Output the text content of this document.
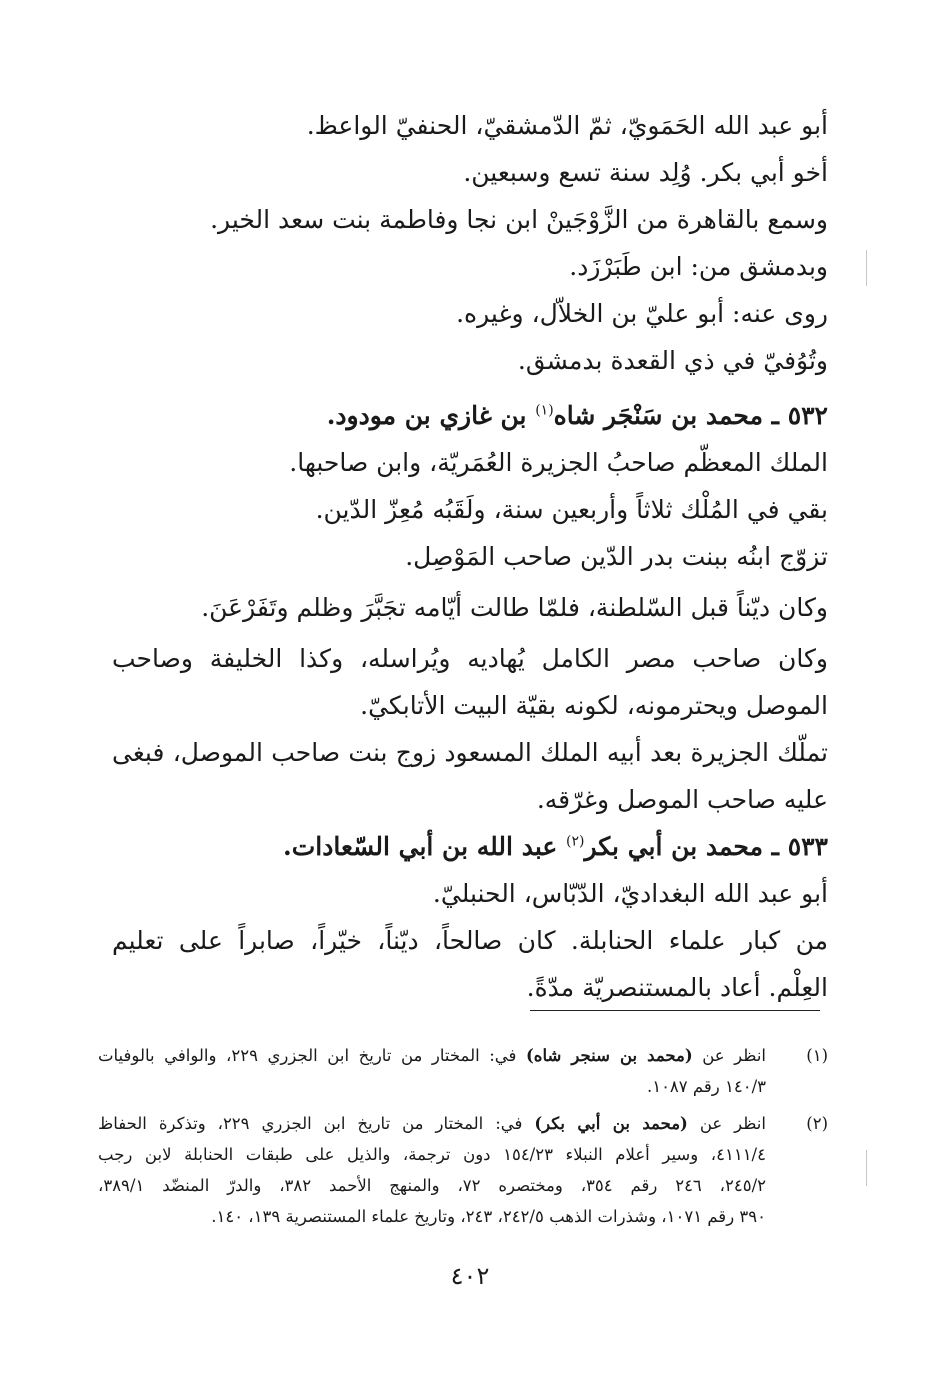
أبو عبد الله الحَمَويّ، ثمّ الدّمشقيّ، الحنفيّ الواعظ.
أخو أبي بكر. وُلِد سنة تسع وسبعين.
وسمع بالقاهرة من الزَّوْجَينْ ابن نجا وفاطمة بنت سعد الخير.
وبدمشق من: ابن طَبَرْزَد.
روى عنه: أبو عليّ بن الخلاّل، وغيره.
وتُوُفيّ في ذي القعدة بدمشق.
٥٣٢ ـ محمد بن سَنْجَر شاه$^{(١)}$ بن غازي بن مودود.
الملك المعظّم صاحبُ الجزيرة العُمَريّة، وابن صاحبها.
بقي في المُلْك ثلاثاً وأربعين سنة، ولَقَبُه مُعِزّ الدّين.
تزوّج ابنُه ببنت بدر الدّين صاحب المَوْصِل.
وكان ديّناً قبل السّلطنة، فلمّا طالت أيّامه تجَبَّرَ وظلم وتَفَرْعَنَ.
وكان صاحب مصر الكامل يُهاديه ويُراسله، وكذا الخليفة وصاحب
الموصل ويحترمونه، لكونه بقيّة البيت الأتابكيّ.
تملّك الجزيرة بعد أبيه الملك المسعود زوج بنت صاحب الموصل، فبغى
عليه صاحب الموصل وغرّقه.
٥٣٣ ـ محمد بن أبي بكر$^{(٢)}$ عبد الله بن أبي السّعادات.
أبو عبد الله البغداديّ، الدّبّاس، الحنبليّ.
من كبار علماء الحنابلة. كان صالحاً، ديّناً، خيّراً، صابراً على تعليم
العِلْم. أعاد بالمستنصريّة مدّةً.
(١)
انظر عن (محمد بن سنجر شاه) في: المختار من تاريخ ابن الجزري ٢٢٩، والوافي بالوفيات
١٤٠/٣ رقم ١٠٨٧.
(٢)
انظر عن (محمد بن أبي بكر) في: المختار من تاريخ ابن الجزري ٢٢٩، وتذكرة الحفاظ
٤١١١/٤، وسير أعلام النبلاء ١٥٤/٢٣ دون ترجمة، والذيل على طبقات الحنابلة لابن رجب
٢٤٥/٢، ٢٤٦ رقم ٣٥٤، ومختصره ٧٢، والمنهج الأحمد ٣٨٢، والدرّ المنضّد ٣٨٩/١،
٣٩٠ رقم ١٠٧١، وشذرات الذهب ٢٤٢/٥، ٢٤٣، وتاريخ علماء المستنصرية ١٣٩، ١٤٠.
٤٠٢
